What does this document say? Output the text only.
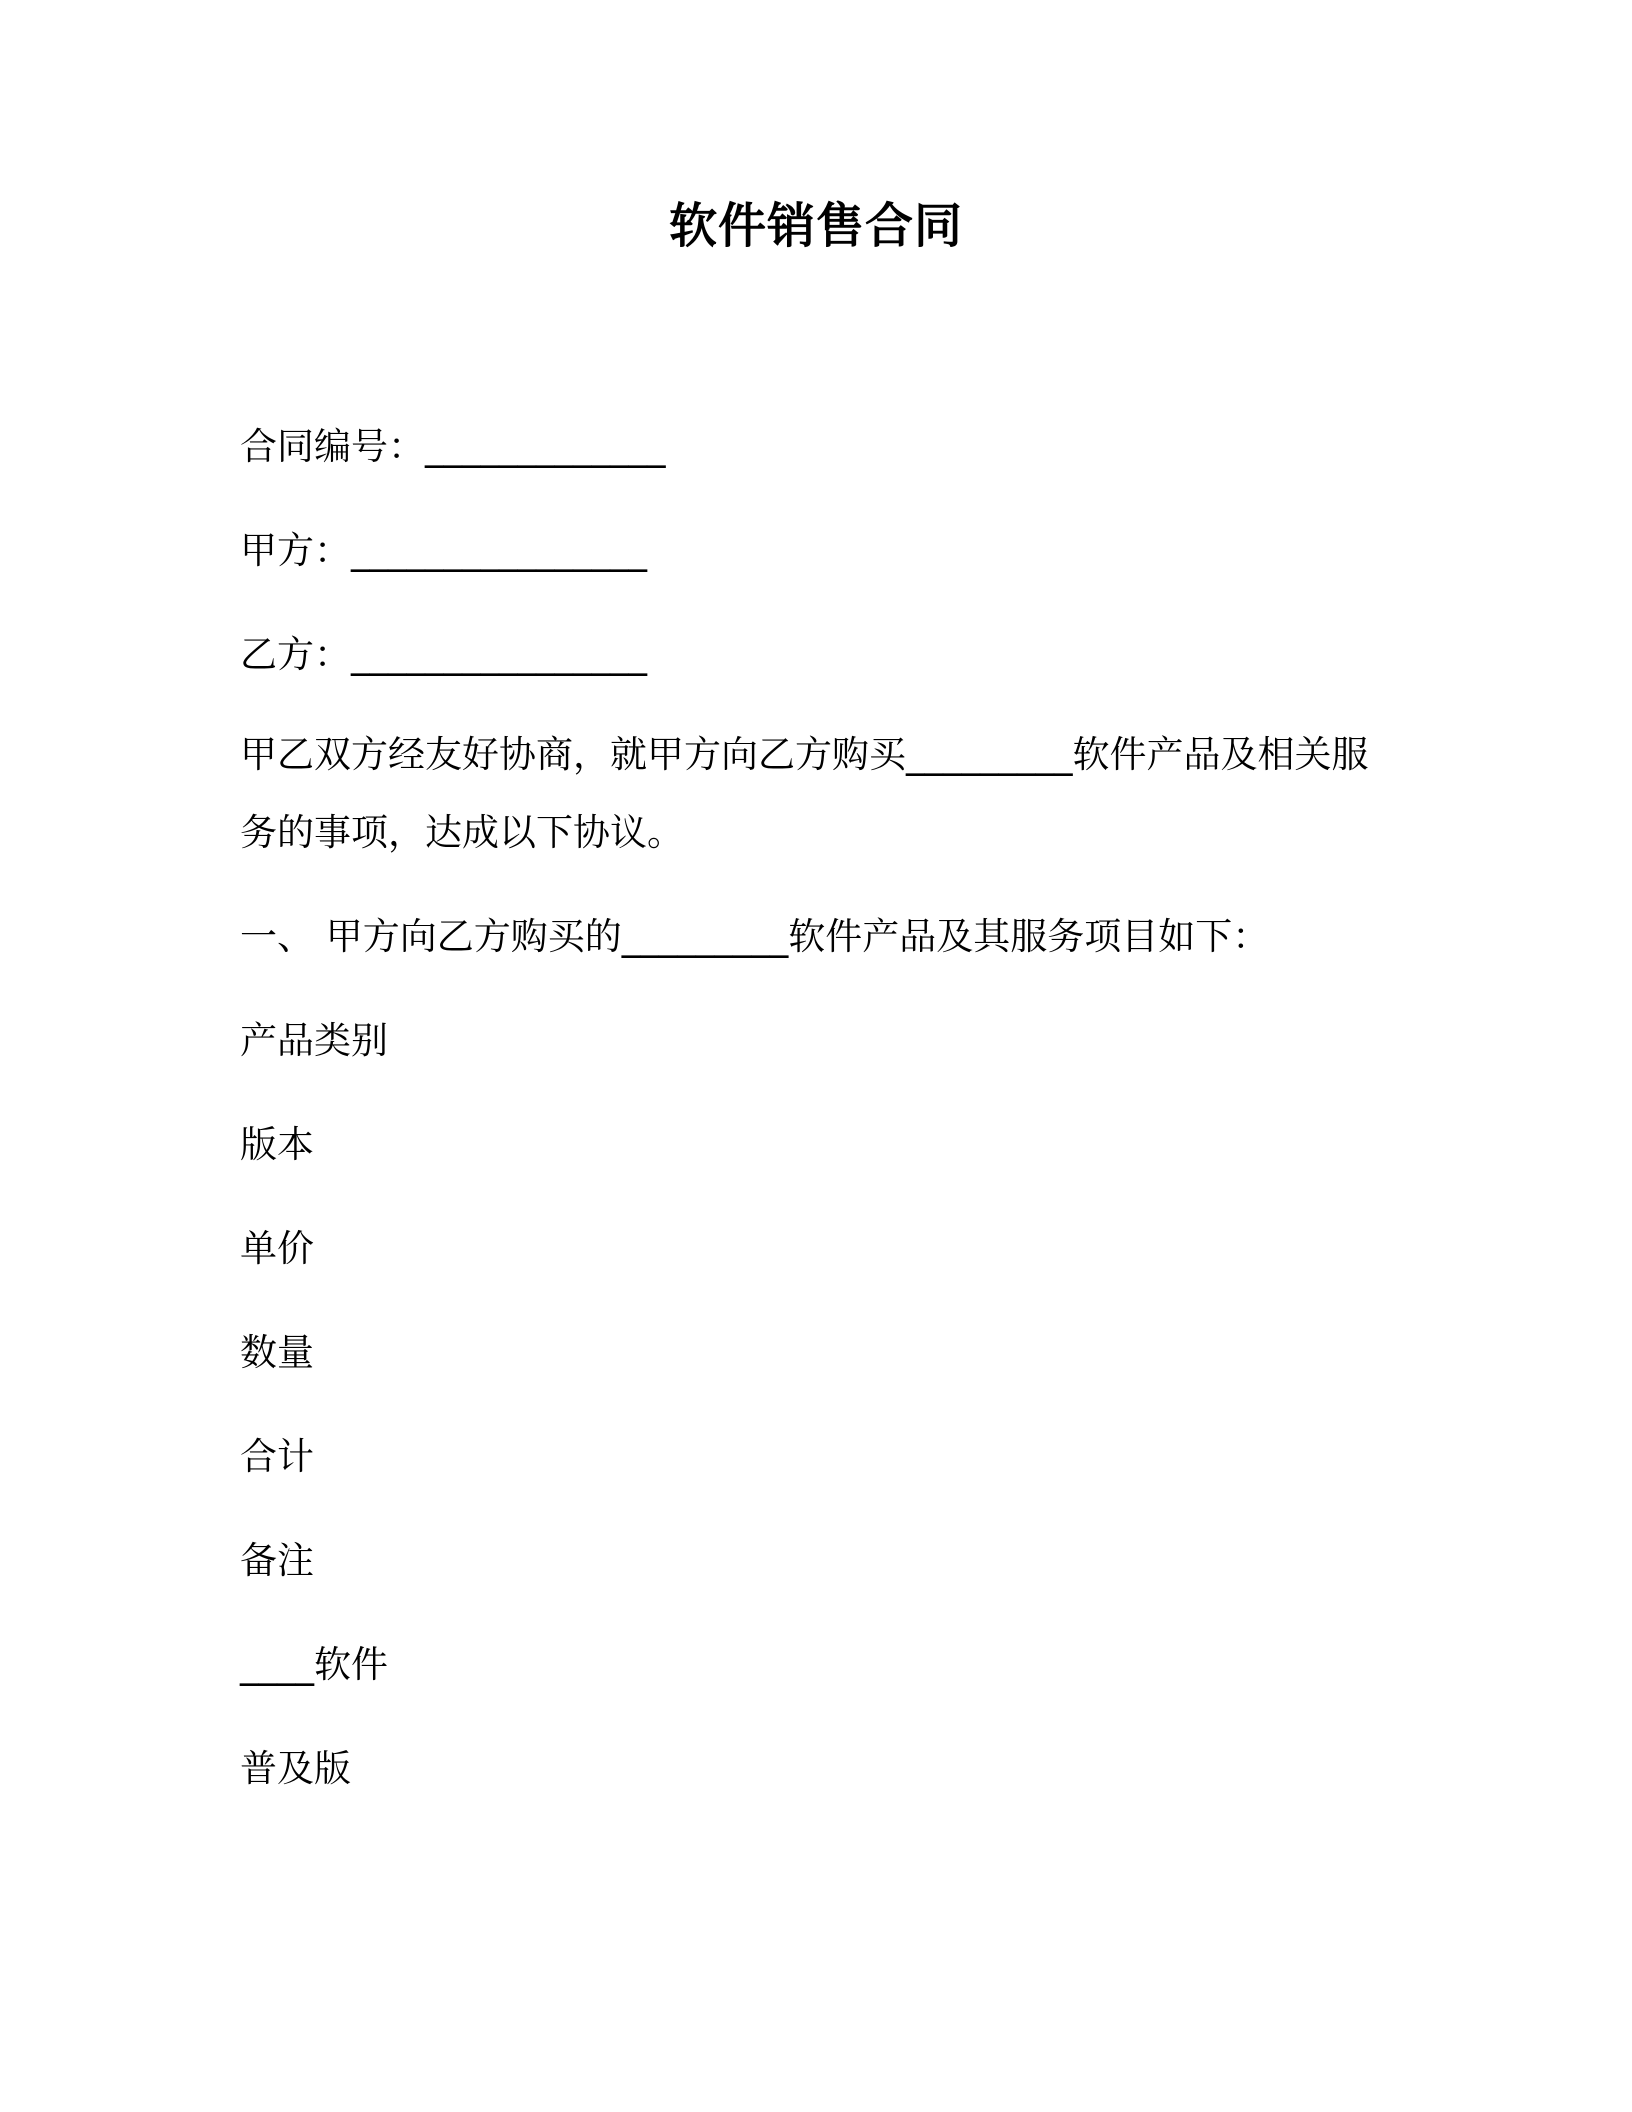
软件销售合同
合同编号：_____________
甲方：________________
乙方：________________
甲乙双方经友好协商，就甲方向乙方购买_________软件产品及相关服务的事项，达成以下协议。
一、 甲方向乙方购买的_________软件产品及其服务项目如下：
产品类别
版本
单价
数量
合计
备注
____软件
普及版
